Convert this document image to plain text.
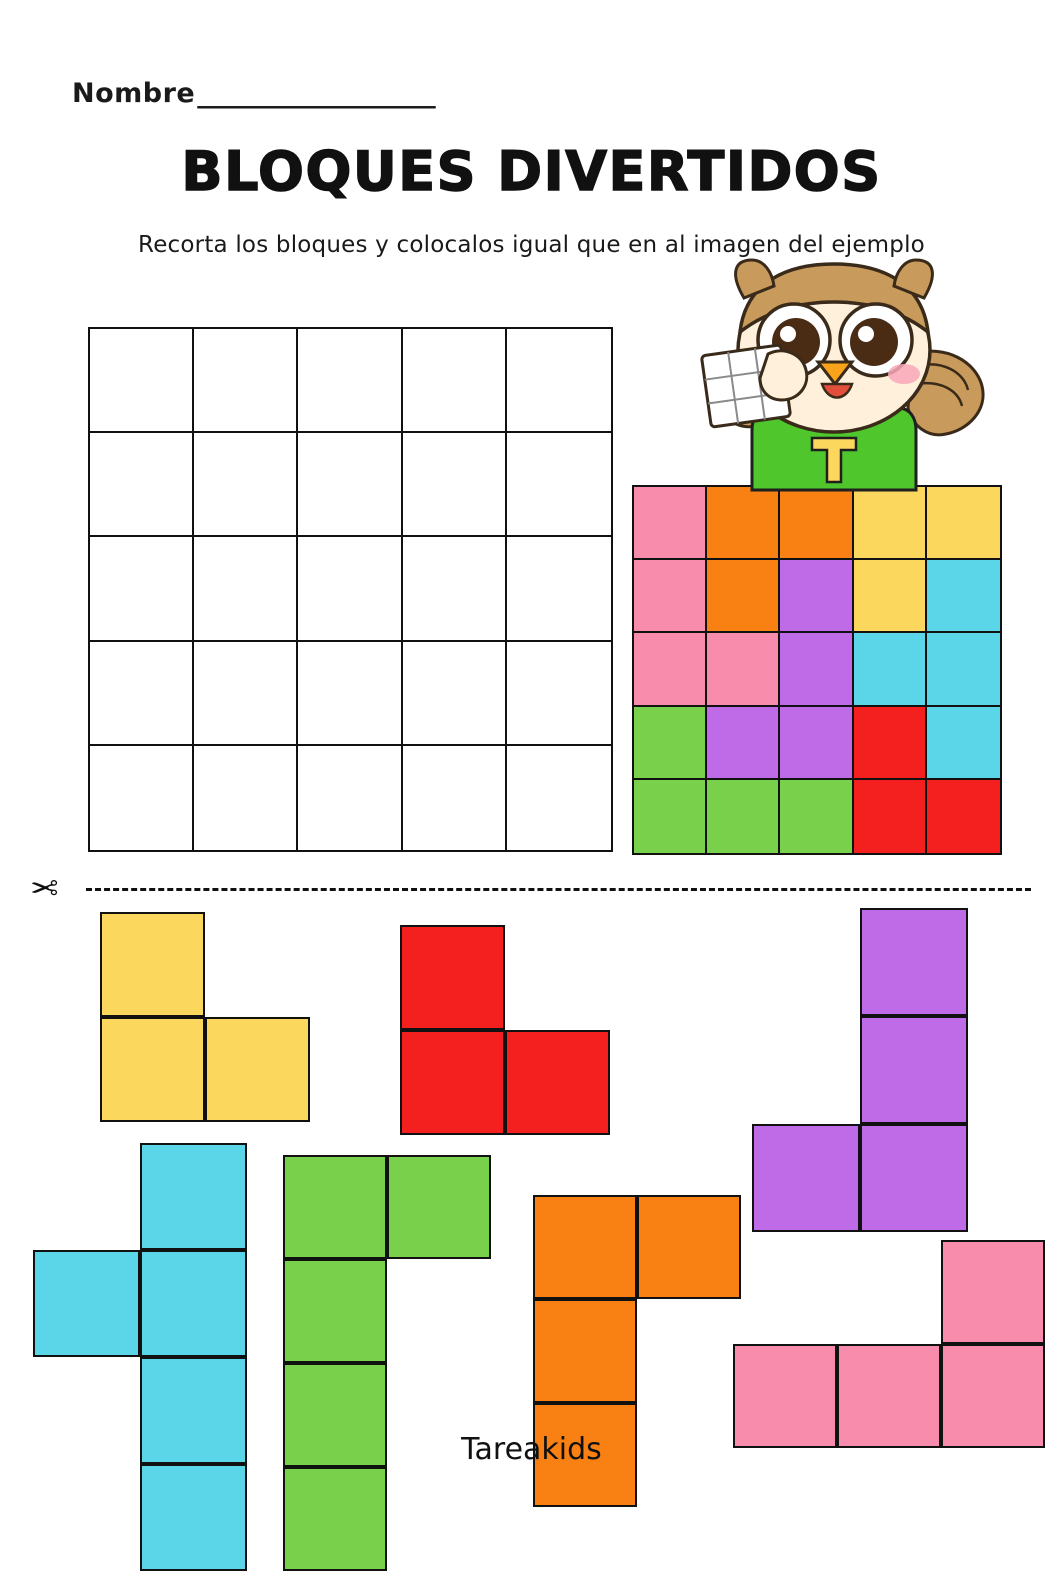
Nombre ___________________
BLOQUES DIVERTIDOS
Recorta los bloques y colocalos igual que en al imagen del ejemplo
✂
Tareakids
